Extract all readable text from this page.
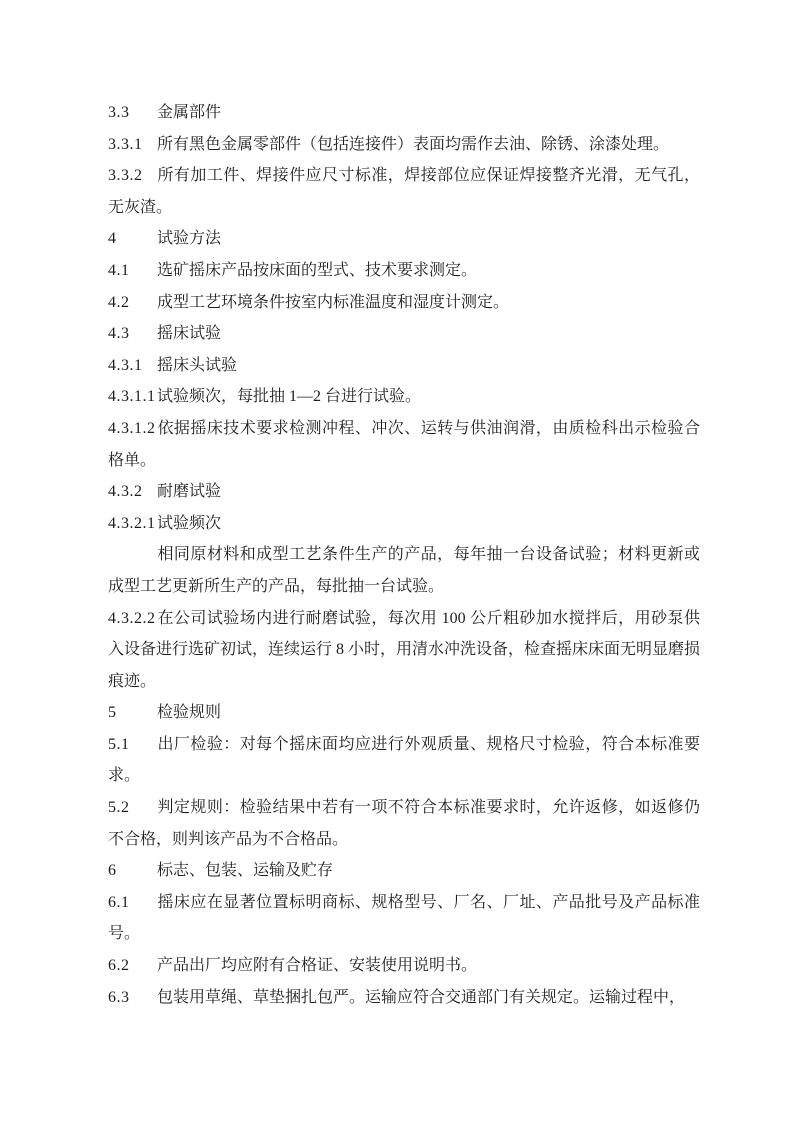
3.3 金属部件

3.3.1 所有黑色金属零部件（包括连接件）表面均需作去油、除锈、涂漆处理。

3.3.2 所有加工件、焊接件应尺寸标准，焊接部位应保证焊接整齐光滑，无气孔，无灰渣。

4	试验方法

4.1 选矿摇床产品按床面的型式、技术要求测定。

4.2 成型工艺环境条件按室内标准温度和湿度计测定。

4.3 摇床试验

4.3.1 摇床头试验

4.3.1.1试验频次，每批抽 1—2 台进行试验。

4.3.1.2依据摇床技术要求检测冲程、冲次、运转与供油润滑，由质检科出示检验合格单。

4.3.2 耐磨试验

4.3.2.1试验频次

相同原材料和成型工艺条件生产的产品，每年抽一台设备试验；材料更新或成型工艺更新所生产的产品，每批抽一台试验。

4.3.2.2在公司试验场内进行耐磨试验，每次用 100 公斤粗砂加水搅拌后，用砂泵供入设备进行选矿初试，连续运行 8 小时，用清水冲洗设备，检查摇床床面无明显磨损痕迹。

5	检验规则

5.1 出厂检验：对每个摇床面均应进行外观质量、规格尺寸检验，符合本标准要求。

5.2 判定规则：检验结果中若有一项不符合本标准要求时，允许返修，如返修仍不合格，则判该产品为不合格品。

6	标志、包装、运输及贮存

6.1 摇床应在显著位置标明商标、规格型号、厂名、厂址、产品批号及产品标准号。

6.2 产品出厂均应附有合格证、安装使用说明书。

6.3 包装用草绳、草垫捆扎包严。运输应符合交通部门有关规定。运输过程中，
